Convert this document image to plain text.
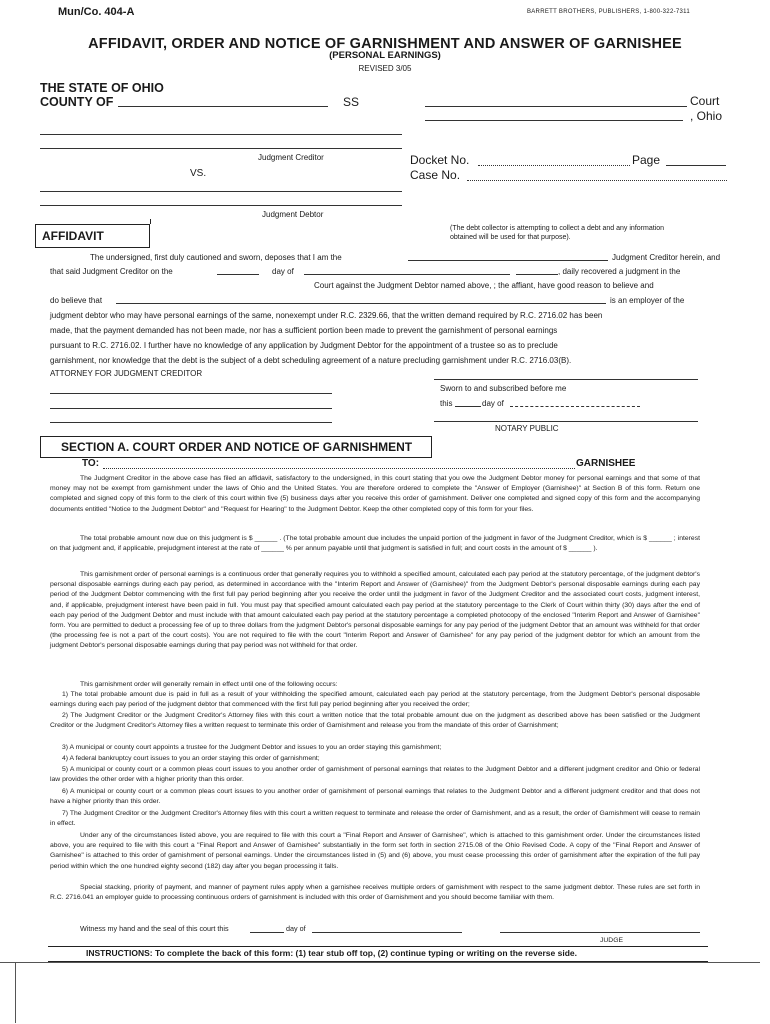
Mun/Co. 404-A	BARRETT BROTHERS, PUBLISHERS, 1-800-322-7311
AFFIDAVIT, ORDER AND NOTICE OF GARNISHMENT AND ANSWER OF GARNISHEE
(PERSONAL EARNINGS)
REVISED 3/05
THE STATE OF OHIO
COUNTY OF	SS	Court
, Ohio
Judgment Creditor
VS.
Docket No.	Page
Case No.
Judgment Debtor
AFFIDAVIT
(The debt collector is attempting to collect a debt and any information obtained will be used for that purpose).
The undersigned, first duly cautioned and sworn, deposes that I am the	Judgment Creditor herein, and
that said Judgment Creditor on the	day of	, daily recovered a judgment in the
Court against the Judgment Debtor named above, ; the affiant, have good reason to believe and
do believe that	is an employer of the
judgment debtor who may have personal earnings of the same, nonexempt under R.C. 2329.66, that the written demand required by R.C. 2716.02 has been
made, that the payment demanded has not been made, nor has a sufficient portion been made to prevent the garnishment of personal earnings
pursuant to R.C. 2716.02. I further have no knowledge of any application by Judgment Debtor for the appointment of a trustee so as to preclude
garnishment, nor knowledge that the debt is the subject of a debt scheduling agreement of a nature precluding garnishment under R.C. 2716.03(B).
ATTORNEY FOR JUDGMENT CREDITOR
Sworn to and subscribed before me
this	day of
NOTARY PUBLIC
SECTION A. COURT ORDER AND NOTICE OF GARNISHMENT
TO:	GARNISHEE
The Judgment Creditor in the above case has filed an affidavit, satisfactory to the undersigned, in this court stating that you owe the Judgment Debtor money for personal earnings and that some of that money may not be exempt from garnishment under the laws of Ohio and the United States. You are therefore ordered to complete the "Answer of Employer (Garnishee)" at Section B of this form. Return one completed and signed copy of this form to the clerk of this court within five (5) business days after you receive this order of garnishment. Deliver one completed and signed copy of this form and the accompanying documents entitled "Notice to the Judgment Debtor" and "Request for Hearing" to the Judgment Debtor. Keep the other completed copy of this form for your files.
The total probable amount now due on this judgment is $ ______ . (The total probable amount due includes the unpaid portion of the judgment in favor of the Judgment Creditor, which is $ ______ ; interest on that judgment and, if applicable, prejudgment interest at the rate of ______ % per annum payable until that judgment is satisfied in full; and court costs in the amount of $ ______ ).
This garnishment order of personal earnings is a continuous order that generally requires you to withhold a specified amount, calculated each pay period at the statutory percentage, of the judgment debtor's personal disposable earnings during each pay period, as determined in accordance with the "Interim Report and Answer of (Garnishee)" from the Judgment Debtor's personal disposable earnings during each pay period of the Judgment Debtor commencing with the first full pay period beginning after you receive the order until the judgment in favor of the Judgment Creditor and the associated court costs, judgment interest, and, if applicable, prejudgment interest have been paid in full. You must pay that specified amount calculated each pay period at the statutory percentage to the Clerk of Court within thirty (30) days after the end of each pay period of the Judgment Debtor and must include with that amount calculated each pay period at the statutory percentage a completed photocopy of the enclosed "Interim Report and Answer of Garnishee" form. You are permitted to deduct a processing fee of up to three dollars from the judgment Debtor's personal disposable earnings for any pay period of the judgment Debtor that an amount was withheld for that order (the processing fee is not a part of the court costs). You are not required to file with the court "Interim Report and Answer of Garnishee" for any pay period of the judgment debtor for which an amount from the judgment Debtor's personal disposable earnings during that pay period was not withheld for that order.
This garnishment order will generally remain in effect until one of the following occurs:
1) The total probable amount due is paid in full as a result of your withholding the specified amount, calculated each pay period at the statutory percentage, from the Judgment Debtor's personal disposable earnings during each pay period of the judgment debtor that commenced with the first full pay period beginning after you received the order;
2) The Judgment Creditor or the Judgment Creditor's Attorney files with this court a written notice that the total probable amount due on the judgment as described above has been satisfied or the Judgment Creditor or the Judgment Creditor's Attorney files a written request to terminate this order of Garnishment and release you from the mandate of this order of Garnishment;
3) A municipal or county court appoints a trustee for the Judgment Debtor and issues to you an order staying this garnishment;
4) A federal bankruptcy court issues to you an order staying this order of garnishment;
5) A municipal or county court or a common pleas court issues to you another order of garnishment of personal earnings that relates to the Judgment Debtor and a different judgment creditor and Ohio or federal law provides the other order with a higher priority than this order.
6) A municipal or county court or a common pleas court issues to you another order of garnishment of personal earnings that relates to the Judgment Debtor and a different judgment creditor and that does not have a higher priority than this order.
7) The Judgment Creditor or the Judgment Creditor's Attorney files with this court a written request to terminate and release the order of Garnishment, and as a result, the order of Garnishment will cease to remain in effect.
Under any of the circumstances listed above, you are required to file with this court a "Final Report and Answer of Garnishee", which is attached to this garnishment order. Under the circumstances listed above, you are required to file with this court a "Final Report and Answer of Garnishee" substantially in the form set forth in section 2715.08 of the Ohio Revised Code. A copy of the "Final Report and Answer of Garnishee" is attached to this order of garnishment of personal earnings. Under the circumstances listed in (5) and (6) above, you must cease processing this order of garnishment after the expiration of the full pay period within which the one hundred eighty second (182) day after you began processing it falls.
Special stacking, priority of payment, and manner of payment rules apply when a garnishee receives multiple orders of garnishment with respect to the same judgment debtor. These rules are set forth in R.C. 2716.041 an employer guide to processing continuous orders of garnishment is included with this order of Garnishment and you should become familiar with them.
Witness my hand and the seal of this court this	day of
JUDGE
INSTRUCTIONS: To complete the back of this form: (1) tear stub off top, (2) continue typing or writing on the reverse side.
